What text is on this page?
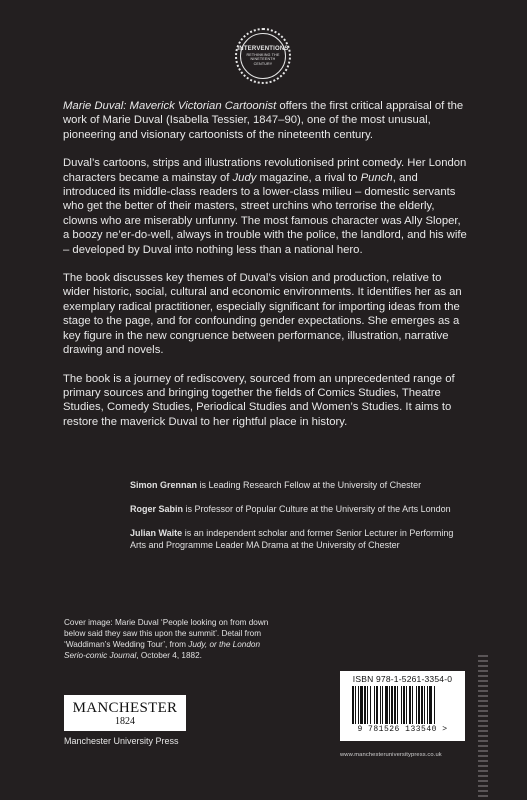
INTERVENTIONS
RETHINKING THE
NINETEENTH
CENTURY

Marie Duval: Maverick Victorian Cartoonist offers the first critical appraisal of the work of Marie Duval (Isabella Tessier, 1847–90), one of the most unusual, pioneering and visionary cartoonists of the nineteenth century.

Duval’s cartoons, strips and illustrations revolutionised print comedy. Her London characters became a mainstay of Judy magazine, a rival to Punch, and introduced its middle-class readers to a lower-class milieu – domestic servants who get the better of their masters, street urchins who terrorise the elderly, clowns who are miserably unfunny. The most famous character was Ally Sloper, a boozy ne’er-do-well, always in trouble with the police, the landlord, and his wife – developed by Duval into nothing less than a national hero.

The book discusses key themes of Duval’s vision and production, relative to wider historic, social, cultural and economic environments. It identifies her as an exemplary radical practitioner, especially significant for importing ideas from the stage to the page, and for confounding gender expectations. She emerges as a key figure in the new congruence between performance, illustration, narrative drawing and novels.

The book is a journey of rediscovery, sourced from an unprecedented range of primary sources and bringing together the fields of Comics Studies, Theatre Studies, Comedy Studies, Periodical Studies and Women’s Studies. It aims to restore the maverick Duval to her rightful place in history.

Simon Grennan is Leading Research Fellow at the University of Chester
Roger Sabin is Professor of Popular Culture at the University of the Arts London
Julian Waite is an independent scholar and former Senior Lecturer in Performing Arts and Programme Leader MA Drama at the University of Chester
Cover image: Marie Duval ‘People looking on from down below said they saw this upon the summit’. Detail from ‘Waddiman’s Wedding Tour’, from Judy, or the London Serio-comic Journal, October 4, 1882.
MANCHESTER
1824
Manchester University Press
ISBN 978-1-5261-3354-0
9 781526 133540 >
www.manchesteruniversitypress.co.uk
